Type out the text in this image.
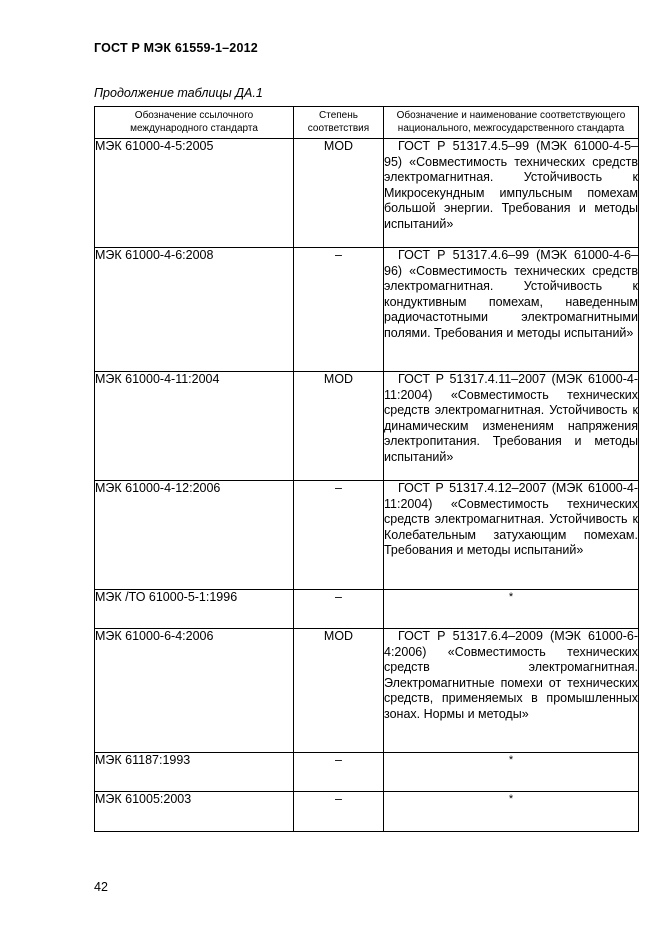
ГОСТ Р МЭК 61559-1–2012
Продолжение таблицы ДА.1
Обозначение ссылочного международного стандарта	Степень соответствия	Обозначение и наименование соответствующего национального, межгосударственного стандарта
МЭК 61000-4-5:2005	MOD	ГОСТ Р 51317.4.5–99 (МЭК 61000-4-5–95) «Совместимость технических средств электромагнитная. Устойчивость к Микросекундным импульсным помехам большой энергии. Требования и методы испытаний»
МЭК 61000-4-6:2008	–	ГОСТ Р 51317.4.6–99 (МЭК 61000-4-6–96) «Совместимость технических средств электромагнитная. Устойчивость к кондуктивным помехам, наведенным радиочастотными электромагнитными полями. Требования и методы испытаний»
МЭК 61000-4-11:2004	MOD	ГОСТ Р 51317.4.11–2007 (МЭК 61000-4-11:2004) «Совместимость технических средств электромагнитная. Устойчивость к динамическим изменениям напряжения электропитания. Требования и методы испытаний»
МЭК 61000-4-12:2006	–	ГОСТ Р 51317.4.12–2007 (МЭК 61000-4-11:2004) «Совместимость технических средств электромагнитная. Устойчивость к Колебательным затухающим помехам. Требования и методы испытаний»
МЭК /ТО 61000-5-1:1996	–	*
МЭК 61000-6-4:2006	MOD	ГОСТ Р 51317.6.4–2009 (МЭК 61000-6-4:2006) «Совместимость технических средств электромагнитная. Электромагнитные помехи от технических средств, применяемых в промышленных зонах. Нормы и методы»
МЭК 61187:1993	–	*
МЭК 61005:2003	–	*
42
